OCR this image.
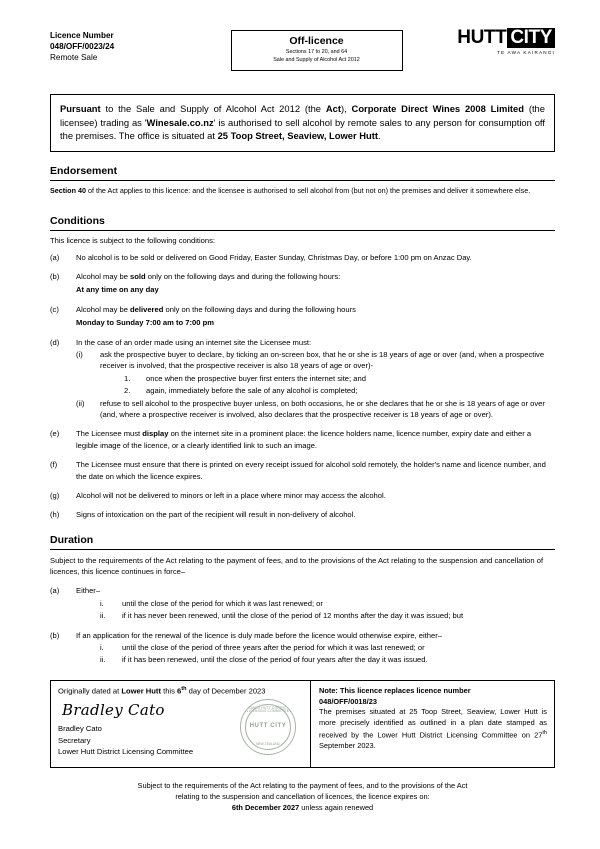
Licence Number
048/OFF/0023/24
Remote Sale
Off-licence
Sections 17 to 20, and 64
Sale and Supply of Alcohol Act 2012
HUTT CITY
TE AWA KAIRANGI
Pursuant to the Sale and Supply of Alcohol Act 2012 (the Act), Corporate Direct Wines 2008 Limited (the licensee) trading as 'Winesale.co.nz' is authorised to sell alcohol by remote sales to any person for consumption off the premises. The office is situated at 25 Toop Street, Seaview, Lower Hutt.
Endorsement
Section 40 of the Act applies to this licence: and the licensee is authorised to sell alcohol from (but not on) the premises and deliver it somewhere else.
Conditions
This licence is subject to the following conditions:
(a)	No alcohol is to be sold or delivered on Good Friday, Easter Sunday, Christmas Day, or before 1:00 pm on Anzac Day.
(b)	Alcohol may be sold only on the following days and during the following hours:
At any time on any day
(c)	Alcohol may be delivered only on the following days and during the following hours
Monday to Sunday 7:00 am to 7:00 pm
(d)	In the case of an order made using an internet site the Licensee must:
(i)	ask the prospective buyer to declare, by ticking an on-screen box, that he or she is 18 years of age or over (and, when a prospective receiver is involved, that the prospective receiver is also 18 years of age or over)-
1.	once when the prospective buyer first enters the internet site; and
2.	again, immediately before the sale of any alcohol is completed;
(ii)	refuse to sell alcohol to the prospective buyer unless, on both occasions, he or she declares that he or she is 18 years of age or over (and, where a prospective receiver is involved, also declares that the prospective receiver is 18 years of age or over).
(e)	The Licensee must display on the internet site in a prominent place: the licence holders name, licence number, expiry date and either a legible image of the licence, or a clearly identified link to such an image.
(f)	The Licensee must ensure that there is printed on every receipt issued for alcohol sold remotely, the holder's name and licence number, and the date on which the licence expires.
(g)	Alcohol will not be delivered to minors or left in a place where minor may access the alcohol.
(h)	Signs of intoxication on the part of the recipient will result in non-delivery of alcohol.
Duration
Subject to the requirements of the Act relating to the payment of fees, and to the provisions of the Act relating to the suspension and cancellation of licences, this licence continues in force–
(a)	Either–
i.	until the close of the period for which it was last renewed; or
ii.	if it has never been renewed, until the close of the period of 12 months after the day it was issued; but
(b)	If an application for the renewal of the licence is duly made before the licence would otherwise expire, either–
i.	until the close of the period of three years after the period for which it was last renewed; or
ii.	if it has been renewed, until the close of the period of four years after the day it was issued.
Originally dated at Lower Hutt this 6th day of December 2023
Bradley Cato
Bradley Cato
Secretary
Lower Hutt District Licensing Committee
LOWER HUTT DISTRICT LICENSING COMMITTEE
HUTT CITY
NEW ZEALAND
Note: This licence replaces licence number
048/OFF/0018/23
The premises situated at 25 Toop Street, Seaview, Lower Hutt is more precisely identified as outlined in a plan date stamped as received by the Lower Hutt District Licensing Committee on 27th September 2023.
Subject to the requirements of the Act relating to the payment of fees, and to the provisions of the Act
relating to the suspension and cancellation of licences, the licence expires on:
6th December 2027 unless again renewed
